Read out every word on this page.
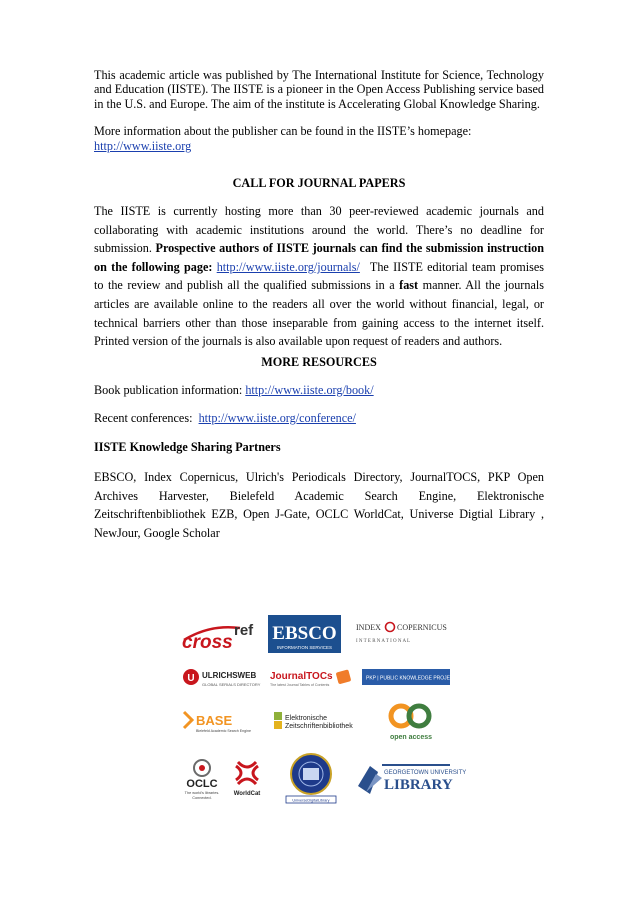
This academic article was published by The International Institute for Science, Technology and Education (IISTE). The IISTE is a pioneer in the Open Access Publishing service based in the U.S. and Europe. The aim of the institute is Accelerating Global Knowledge Sharing.

More information about the publisher can be found in the IISTE’s homepage:
http://www.iiste.org

CALL FOR JOURNAL PAPERS

The IISTE is currently hosting more than 30 peer-reviewed academic journals and collaborating with academic institutions around the world. There’s no deadline for submission. Prospective authors of IISTE journals can find the submission instruction on the following page: http://www.iiste.org/journals/ The IISTE editorial team promises to the review and publish all the qualified submissions in a fast manner. All the journals articles are available online to the readers all over the world without financial, legal, or technical barriers other than those inseparable from gaining access to the internet itself. Printed version of the journals is also available upon request of readers and authors.

MORE RESOURCES

Book publication information: http://www.iiste.org/book/

Recent conferences: http://www.iiste.org/conference/

IISTE Knowledge Sharing Partners

EBSCO, Index Copernicus, Ulrich's Periodicals Directory, JournalTOCS, PKP Open Archives Harvester, Bielefeld Academic Search Engine, Elektronische Zeitschriftenbibliothek EZB, Open J-Gate, OCLC WorldCat, Universe Digtial Library , NewJour, Google Scholar

cross
ref EBSCO
INFORMATION SERVICES
INDEX COPERNICUS
I N T E R N A T I O N A L
U ULRICHSWEB
GLOBAL SERIALS DIRECTORY
JournalTOCs
The latest Journal Tables of Contents
PKP | PUBLIC KNOWLEDGE PROJECT
BASE
Bielefeld Academic Search Engine
Elektronische
Zeitschriftenbibliothek
open access
OCLC
The world's libraries.
Connected.
WorldCat
UniverseDigitalLibrary
GEORGETOWN UNIVERSITY
LIBRARY
